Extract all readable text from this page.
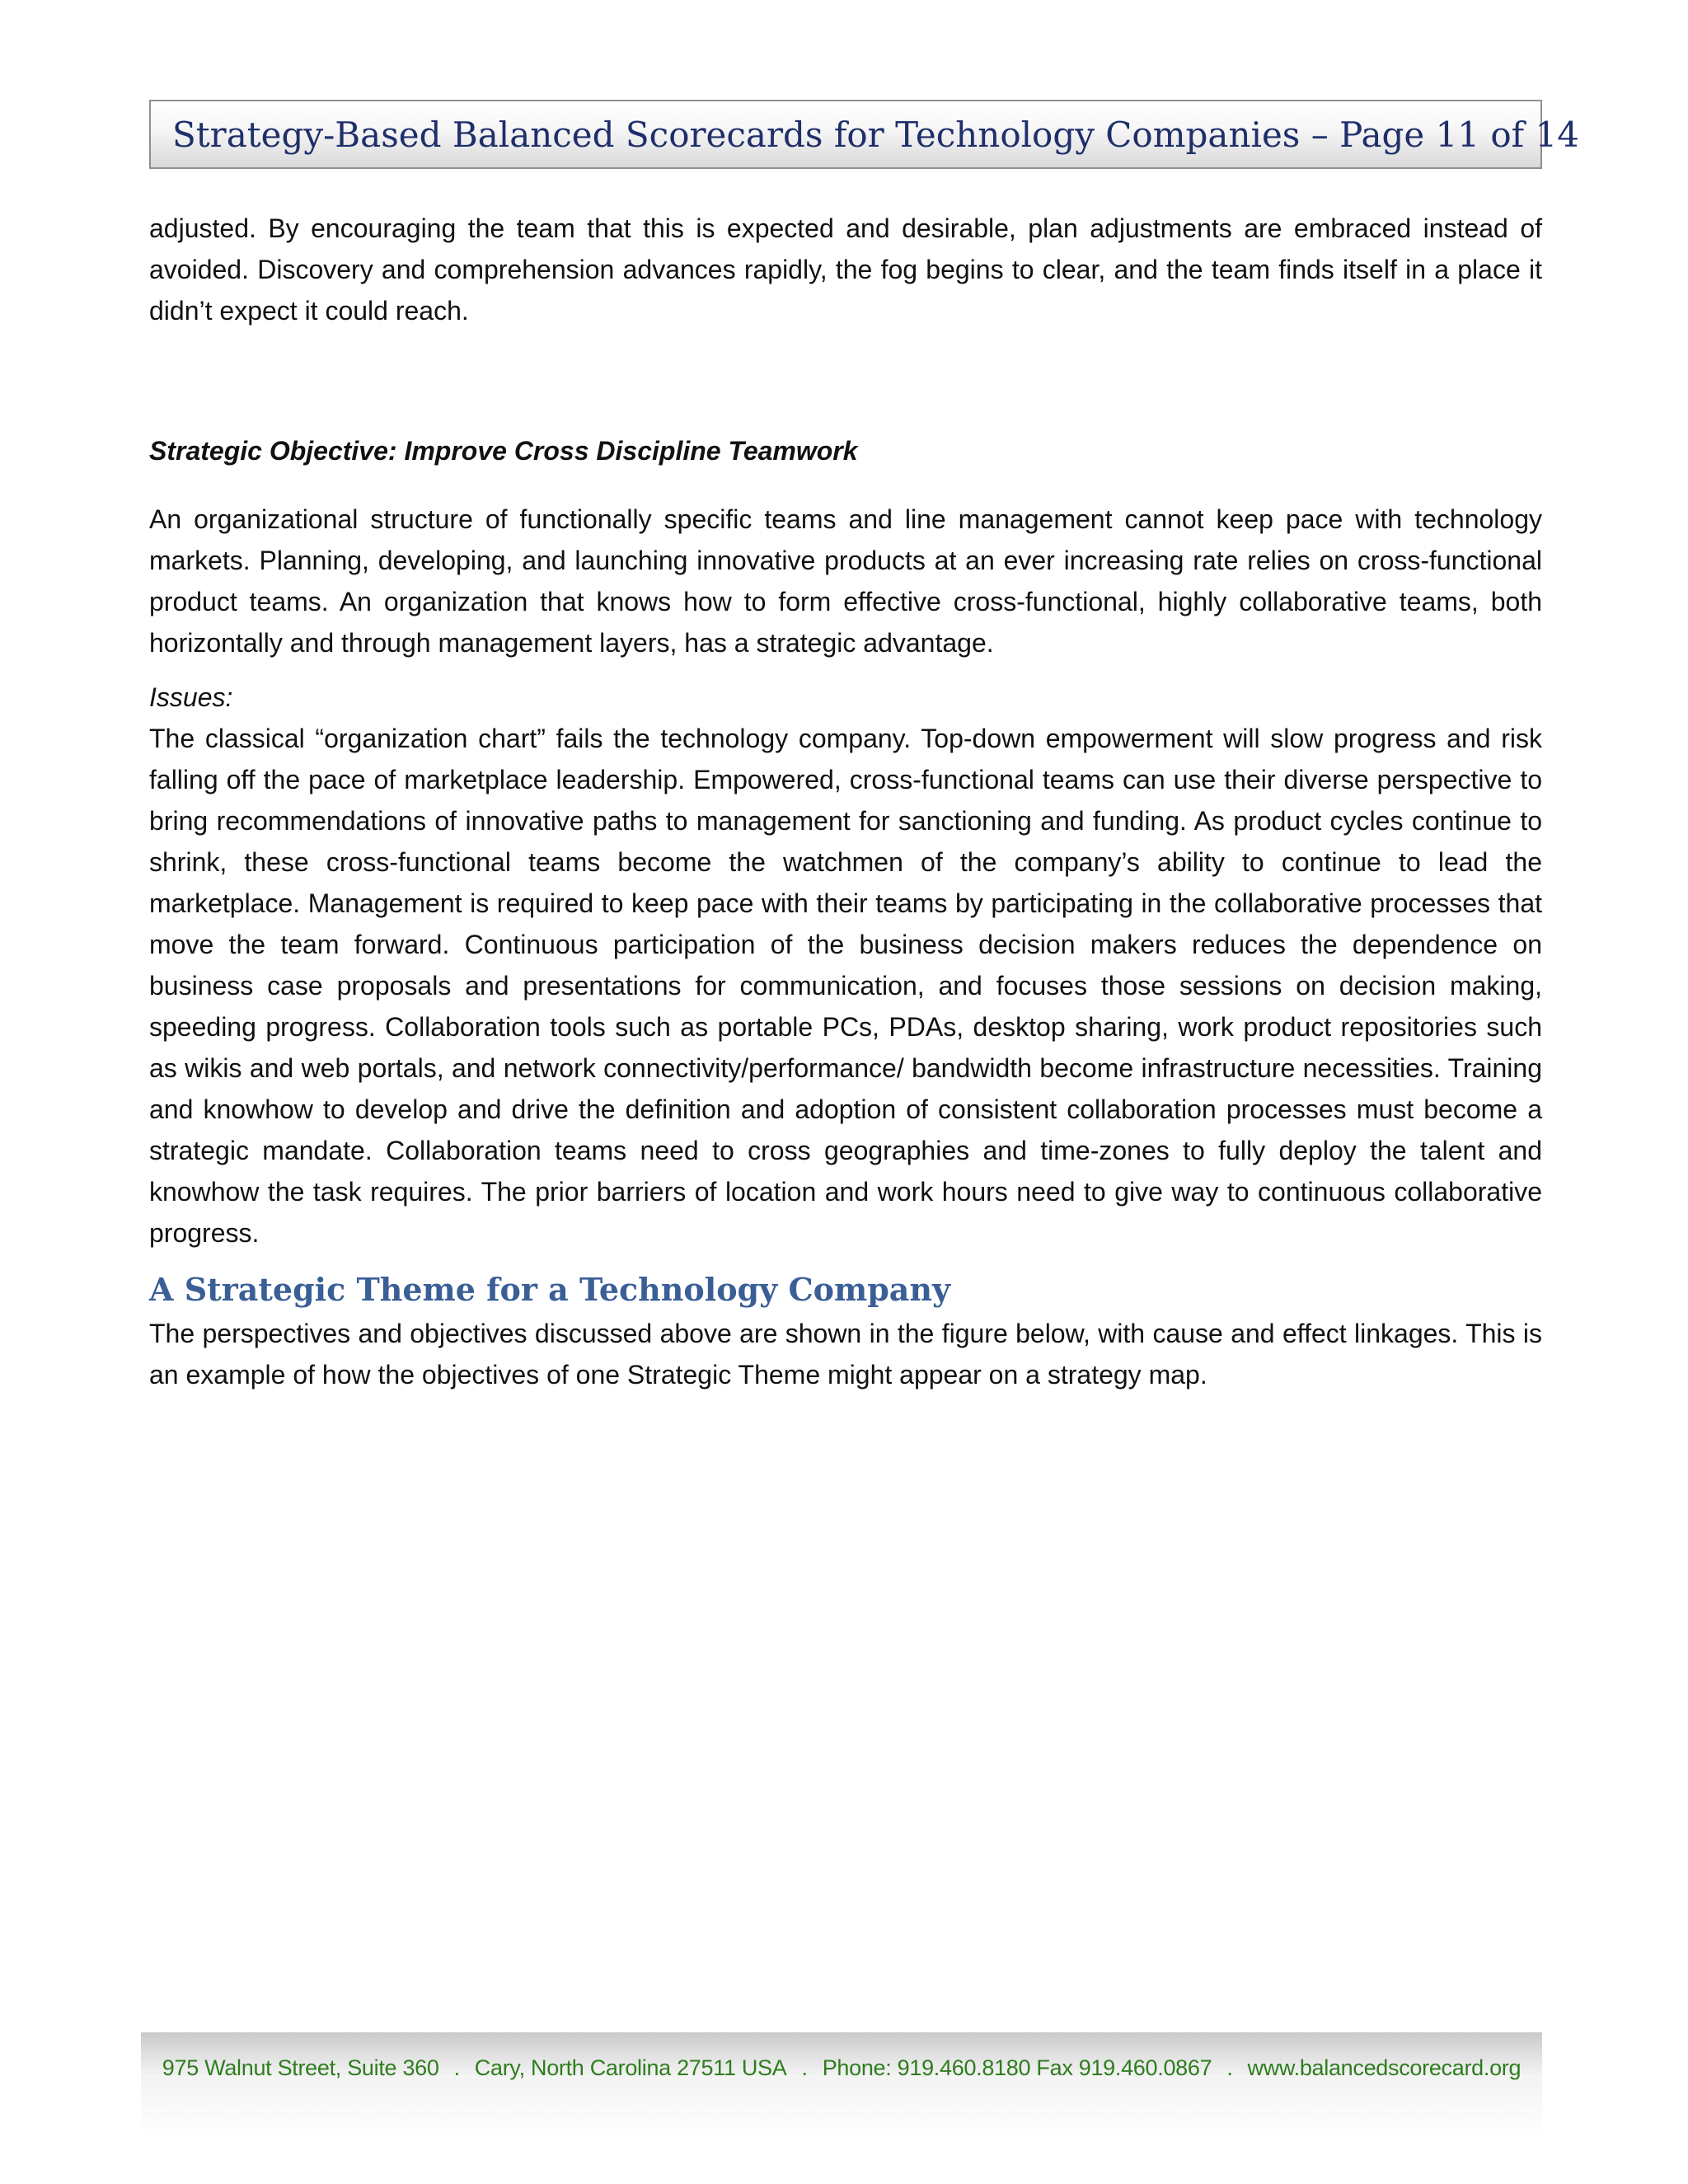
Strategy-Based Balanced Scorecards for Technology Companies – Page 11 of 14

adjusted. By encouraging the team that this is expected and desirable, plan adjustments are embraced instead of avoided. Discovery and comprehension advances rapidly, the fog begins to clear, and the team finds itself in a place it didn’t expect it could reach.

Strategic Objective: Improve Cross Discipline Teamwork

An organizational structure of functionally specific teams and line management cannot keep pace with technology markets. Planning, developing, and launching innovative products at an ever increasing rate relies on cross-functional product teams. An organization that knows how to form effective cross-functional, highly collaborative teams, both horizontally and through management layers, has a strategic advantage.

Issues:

The classical “organization chart” fails the technology company. Top-down empowerment will slow progress and risk falling off the pace of marketplace leadership. Empowered, cross-functional teams can use their diverse perspective to bring recommendations of innovative paths to management for sanctioning and funding. As product cycles continue to shrink, these cross-functional teams become the watchmen of the company’s ability to continue to lead the marketplace. Management is required to keep pace with their teams by participating in the collaborative processes that move the team forward. Continuous participation of the business decision makers reduces the dependence on business case proposals and presentations for communication, and focuses those sessions on decision making, speeding progress. Collaboration tools such as portable PCs, PDAs, desktop sharing, work product repositories such as wikis and web portals, and network connectivity/performance/ bandwidth become infrastructure necessities. Training and knowhow to develop and drive the definition and adoption of consistent collaboration processes must become a strategic mandate. Collaboration teams need to cross geographies and time-zones to fully deploy the talent and knowhow the task requires. The prior barriers of location and work hours need to give way to continuous collaborative progress.

A Strategic Theme for a Technology Company

The perspectives and objectives discussed above are shown in the figure below, with cause and effect linkages. This is an example of how the objectives of one Strategic Theme might appear on a strategy map.

975 Walnut Street, Suite 360 . Cary, North Carolina 27511 USA . Phone: 919.460.8180 Fax 919.460.0867 . www.balancedscorecard.org
